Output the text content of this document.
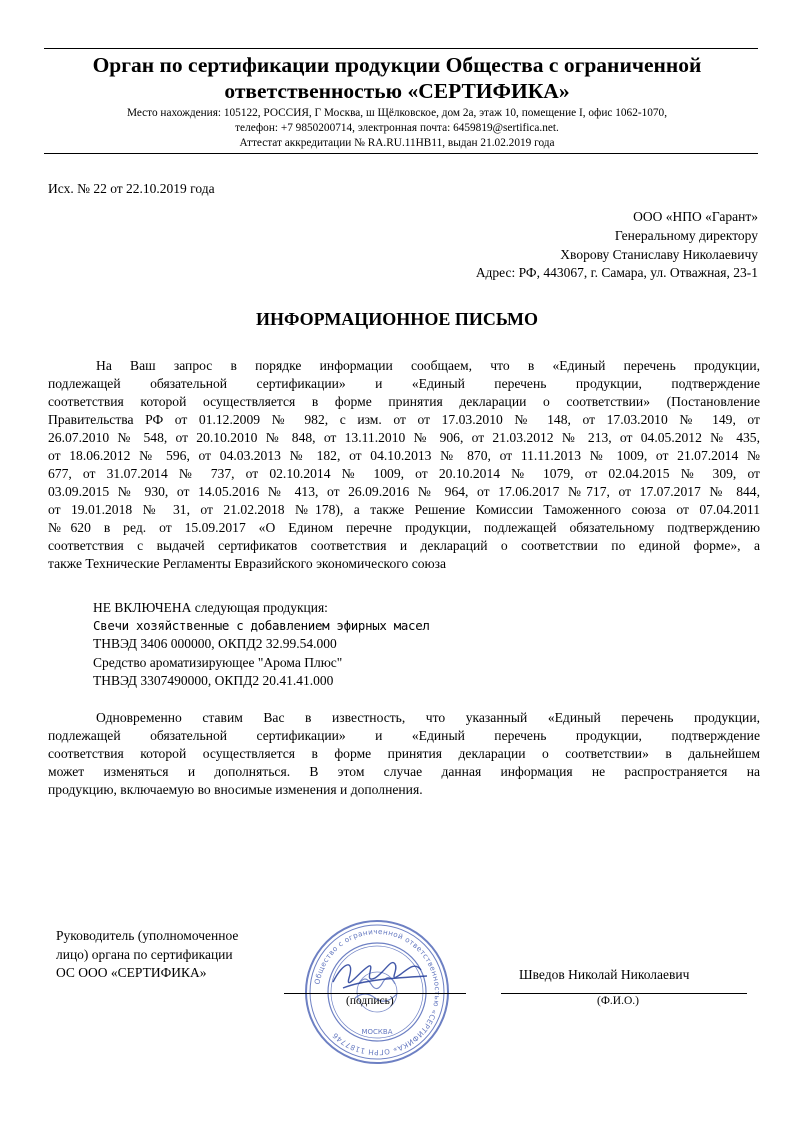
Орган по сертификации продукции Общества с ограниченной
ответственностью «СЕРТИФИКА»
Место нахождения: 105122, РОССИЯ, Г Москва, ш Щёлковское, дом 2а, этаж 10, помещение I, офис 1062-1070,
телефон: +7 9850200714, электронная почта: 6459819@sertifica.net.
Аттестат аккредитации № RA.RU.11HB11, выдан 21.02.2019 года
Исх. № 22 от 22.10.2019 года
ООО «НПО «Гарант»
Генеральному директору
Хворову Станиславу Николаевичу
Адрес: РФ, 443067, г. Самара, ул. Отважная, 23-1
ИНФОРМАЦИОННОЕ ПИСЬМО
На Ваш запрос в порядке информации сообщаем, что в «Единый перечень продукции,
подлежащей обязательной сертификации» и «Единый перечень продукции, подтверждение
соответствия которой осуществляется в форме принятия декларации о соответствии» (Постановление
Правительства РФ от 01.12.2009 № 982, с изм. от от 17.03.2010 № 148, от 17.03.2010 № 149, от
26.07.2010 № 548, от 20.10.2010 № 848, от 13.11.2010 № 906, от 21.03.2012 № 213, от 04.05.2012 № 435,
от 18.06.2012 № 596, от 04.03.2013 № 182, от 04.10.2013 № 870, от 11.11.2013 № 1009, от 21.07.2014 №
677, от 31.07.2014 № 737, от 02.10.2014 № 1009, от 20.10.2014 № 1079, от 02.04.2015 № 309, от
03.09.2015 № 930, от 14.05.2016 № 413, от 26.09.2016 № 964, от 17.06.2017 №717, от 17.07.2017 № 844,
от 19.01.2018 № 31, от 21.02.2018 №178), а также Решение Комиссии Таможенного союза от 07.04.2011
№620 в ред. от 15.09.2017 «О Едином перечне продукции, подлежащей обязательному подтверждению
соответствия с выдачей сертификатов соответствия и деклараций о соответствии по единой форме», а
также Технические Регламенты Евразийского экономического союза
НЕ ВКЛЮЧЕНА следующая продукция:
Свечи хозяйственные с добавлением эфирных масел
ТНВЭД 3406 000000, ОКПД2 32.99.54.000
Средство ароматизирующее "Арома Плюс"
ТНВЭД 3307490000, ОКПД2 20.41.41.000
Одновременно ставим Вас в известность, что указанный «Единый перечень продукции,
подлежащей обязательной сертификации» и «Единый перечень продукции, подтверждение
соответствия которой осуществляется в форме принятия декларации о соответствии» в дальнейшем
может изменяться и дополняться. В этом случае данная информация не распространяется на
продукцию, включаемую во вносимые изменения и дополнения.
Руководитель (уполномоченное
лицо) органа по сертификации
ОС ООО «СЕРТИФИКА»
Общество с ограниченной ответственностью «СЕРТИФИКА» ОГРН 1187746	МОСКВА
(подпись)
Шведов Николай Николаевич
(Ф.И.О.)
